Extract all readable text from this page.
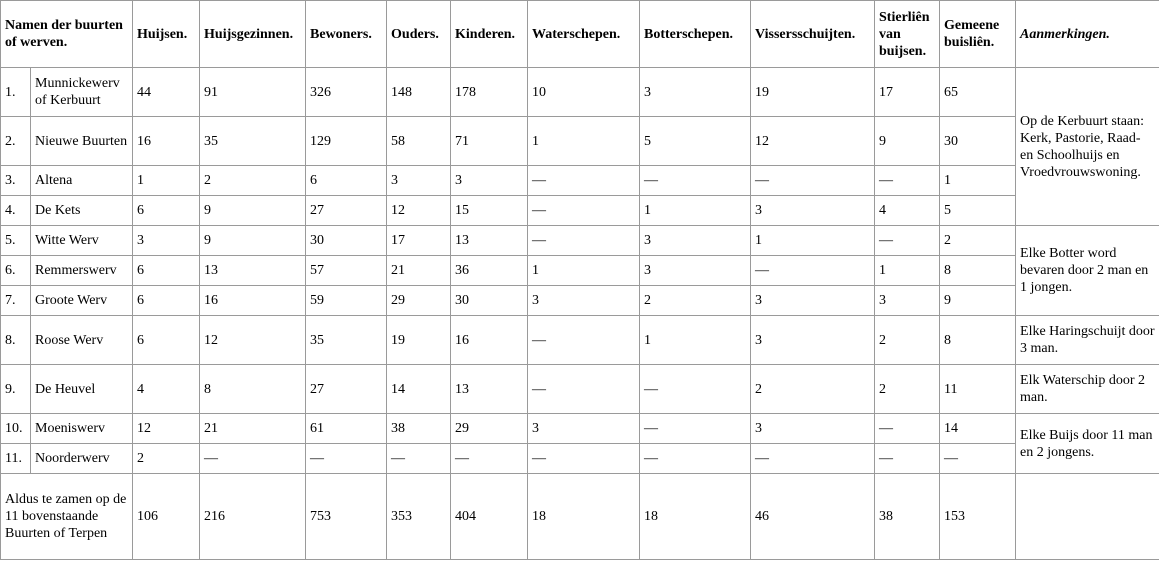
Namen der buurten of werven.		Huijsen.	Huijsgezinnen.	Bewoners.	Ouders.	Kinderen.	Waterschepen.	Botterschepen.	Vissersschuijten.	Stierliên van buijsen.	Gemeene buisliên.	Aanmerkingen.
1.	Munnickewerv of Kerbuurt	44	91	326	148	178	10	3	19	17	65	Op de Kerbuurt staan: Kerk, Pastorie, Raad- en Schoolhuijs en Vroedvrouwswoning.
2.	Nieuwe Buurten	16	35	129	58	71	1	5	12	9	30	
3.	Altena	1	2	6	3	3	—	—	—	—	1	
4.	De Kets	6	9	27	12	15	—	1	3	4	5	
5.	Witte Werv	3	9	30	17	13	—	3	1	—	2	Elke Botter word bevaren door 2 man en 1 jongen.
6.	Remmerswerv	6	13	57	21	36	1	3	—	1	8	
7.	Groote Werv	6	16	59	29	30	3	2	3	3	9	
8.	Roose Werv	6	12	35	19	16	—	1	3	2	8	Elke Haringschuijt door 3 man.
9.	De Heuvel	4	8	27	14	13	—	—	2	2	11	Elk Waterschip door 2 man.
10.	Moeniswerv	12	21	61	38	29	3	—	3	—	14	Elke Buijs door 11 man en 2 jongens.
11.	Noorderwerv	2	—	—	—	—	—	—	—	—	—	
Aldus te zamen op de 11 bovenstaande Buurten of Terpen		106	216	753	353	404	18	18	46	38	153	
